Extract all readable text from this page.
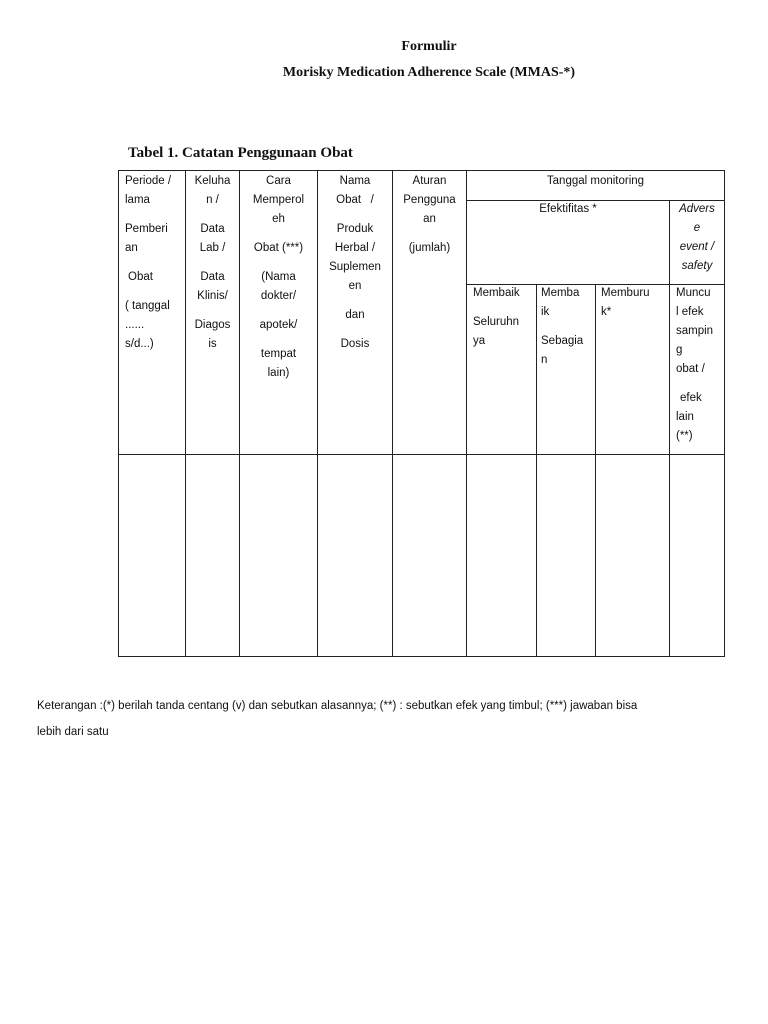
Formulir
Morisky Medication Adherence Scale (MMAS-*)
Tabel 1. Catatan Penggunaan Obat

Periode /

lama

Pemberi

an

Obat

( tanggal

......

s/d...)

Keluha

n /

Data

Lab /

Data

Klinis/

Diagos

is

Cara

Memperol

eh

Obat (***)

(Nama

dokter/

apotek/

tempat

lain)

Nama

Obat   /

Produk

Herbal /

Suplemen

en

dan

Dosis

Aturan

Pengguna

an

(jumlah)

Tanggal monitoring

Efektifitas *	Advers

e

event /

safety

Membaik

Seluruhn

ya

Memba

ik

Sebagia

n

Memburu

k*

Muncu

l efek

sampin

g

obat /

efek

lain

(**)

Keterangan :(*) berilah tanda centang (v) dan sebutkan alasannya; (**) : sebutkan efek yang timbul; (***) jawaban bisa

lebih dari satu
